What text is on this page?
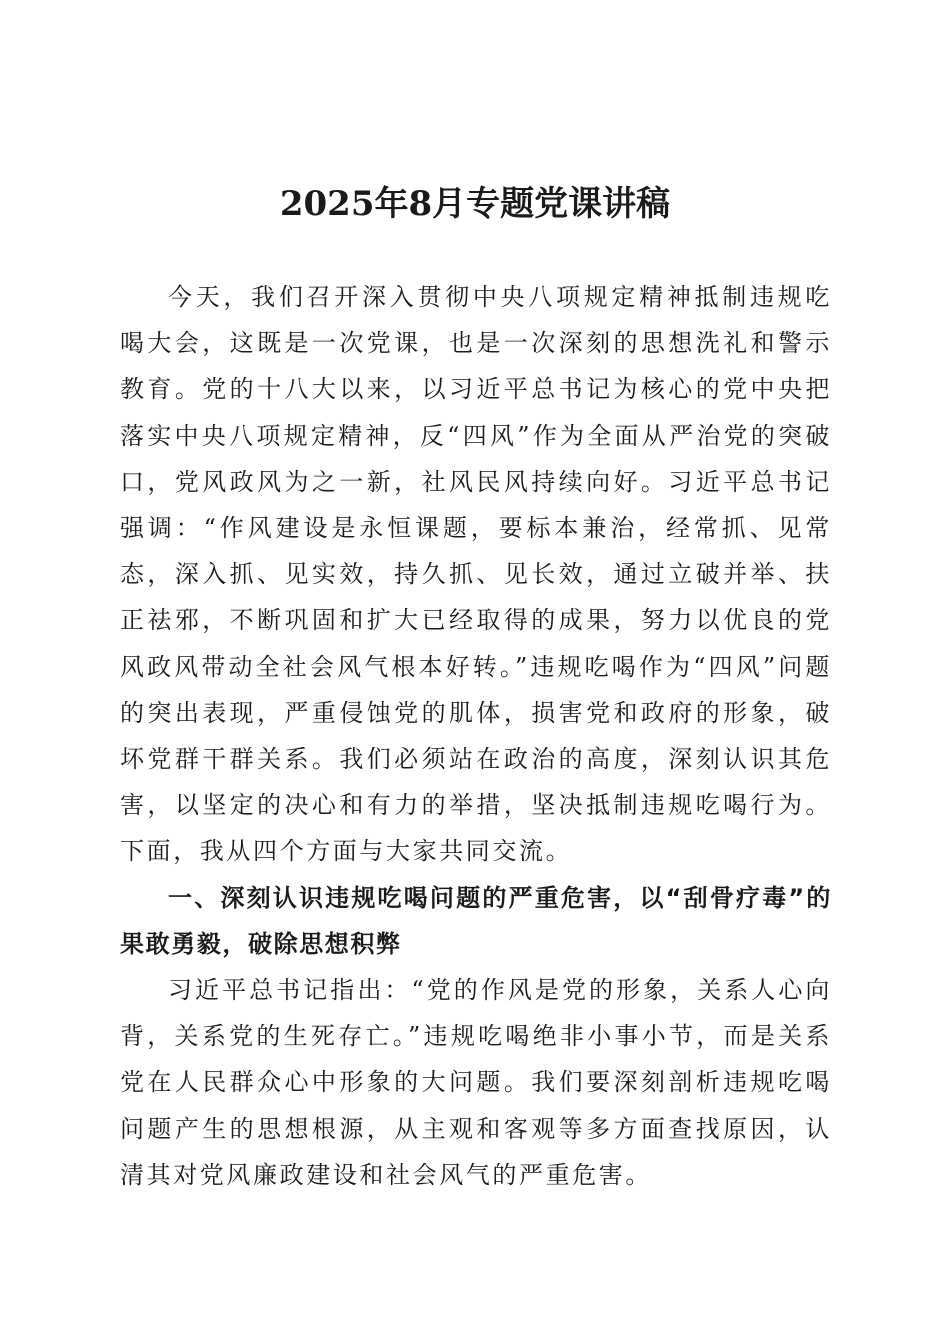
2025年8月专题党课讲稿

今天，我们召开深入贯彻中央八项规定精神抵制违规吃喝大会，这既是一次党课，也是一次深刻的思想洗礼和警示教育。党的十八大以来，以习近平总书记为核心的党中央把落实中央八项规定精神，反“四风”作为全面从严治党的突破口，党风政风为之一新，社风民风持续向好。习近平总书记强调：“作风建设是永恒课题，要标本兼治，经常抓、见常态，深入抓、见实效，持久抓、见长效，通过立破并举、扶正祛邪，不断巩固和扩大已经取得的成果，努力以优良的党风政风带动全社会风气根本好转。”违规吃喝作为“四风”问题的突出表现，严重侵蚀党的肌体，损害党和政府的形象，破坏党群干群关系。我们必须站在政治的高度，深刻认识其危害，以坚定的决心和有力的举措，坚决抵制违规吃喝行为。下面，我从四个方面与大家共同交流。

一、深刻认识违规吃喝问题的严重危害，以“刮骨疗毒”的果敢勇毅，破除思想积弊

习近平总书记指出：“党的作风是党的形象，关系人心向背，关系党的生死存亡。”违规吃喝绝非小事小节，而是关系党在人民群众心中形象的大问题。我们要深刻剖析违规吃喝问题产生的思想根源，从主观和客观等多方面查找原因，认清其对党风廉政建设和社会风气的严重危害。
